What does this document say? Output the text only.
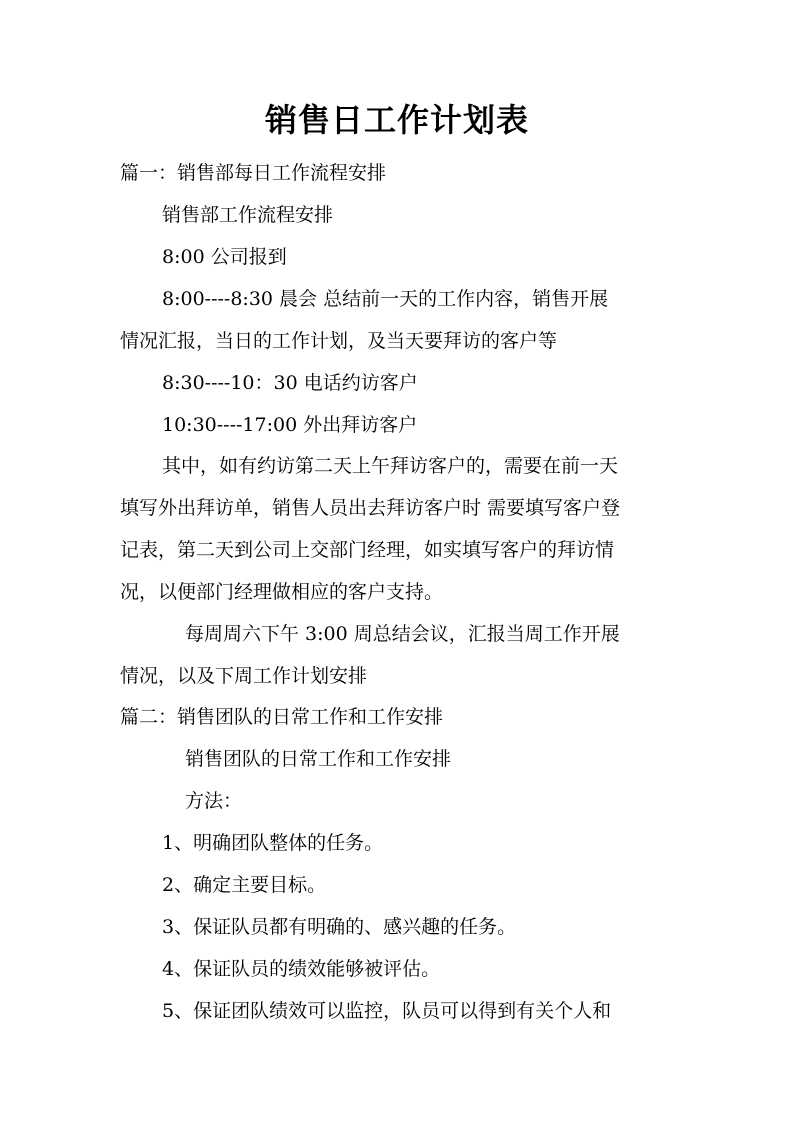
销售日工作计划表
篇一：销售部每日工作流程安排
销售部工作流程安排
8:00 公司报到
8:00----8:30 晨会 总结前一天的工作内容，销售开展
情况汇报，当日的工作计划，及当天要拜访的客户等
8:30----10：30 电话约访客户
10:30----17:00 外出拜访客户
其中，如有约访第二天上午拜访客户的，需要在前一天
填写外出拜访单，销售人员出去拜访客户时 需要填写客户登
记表，第二天到公司上交部门经理，如实填写客户的拜访情
况，以便部门经理做相应的客户支持。
每周周六下午 3:00 周总结会议，汇报当周工作开展
情况，以及下周工作计划安排
篇二：销售团队的日常工作和工作安排
销售团队的日常工作和工作安排
方法：
1、明确团队整体的任务。
2、确定主要目标。
3、保证队员都有明确的、感兴趣的任务。
4、保证队员的绩效能够被评估。
5、保证团队绩效可以监控，队员可以得到有关个人和
